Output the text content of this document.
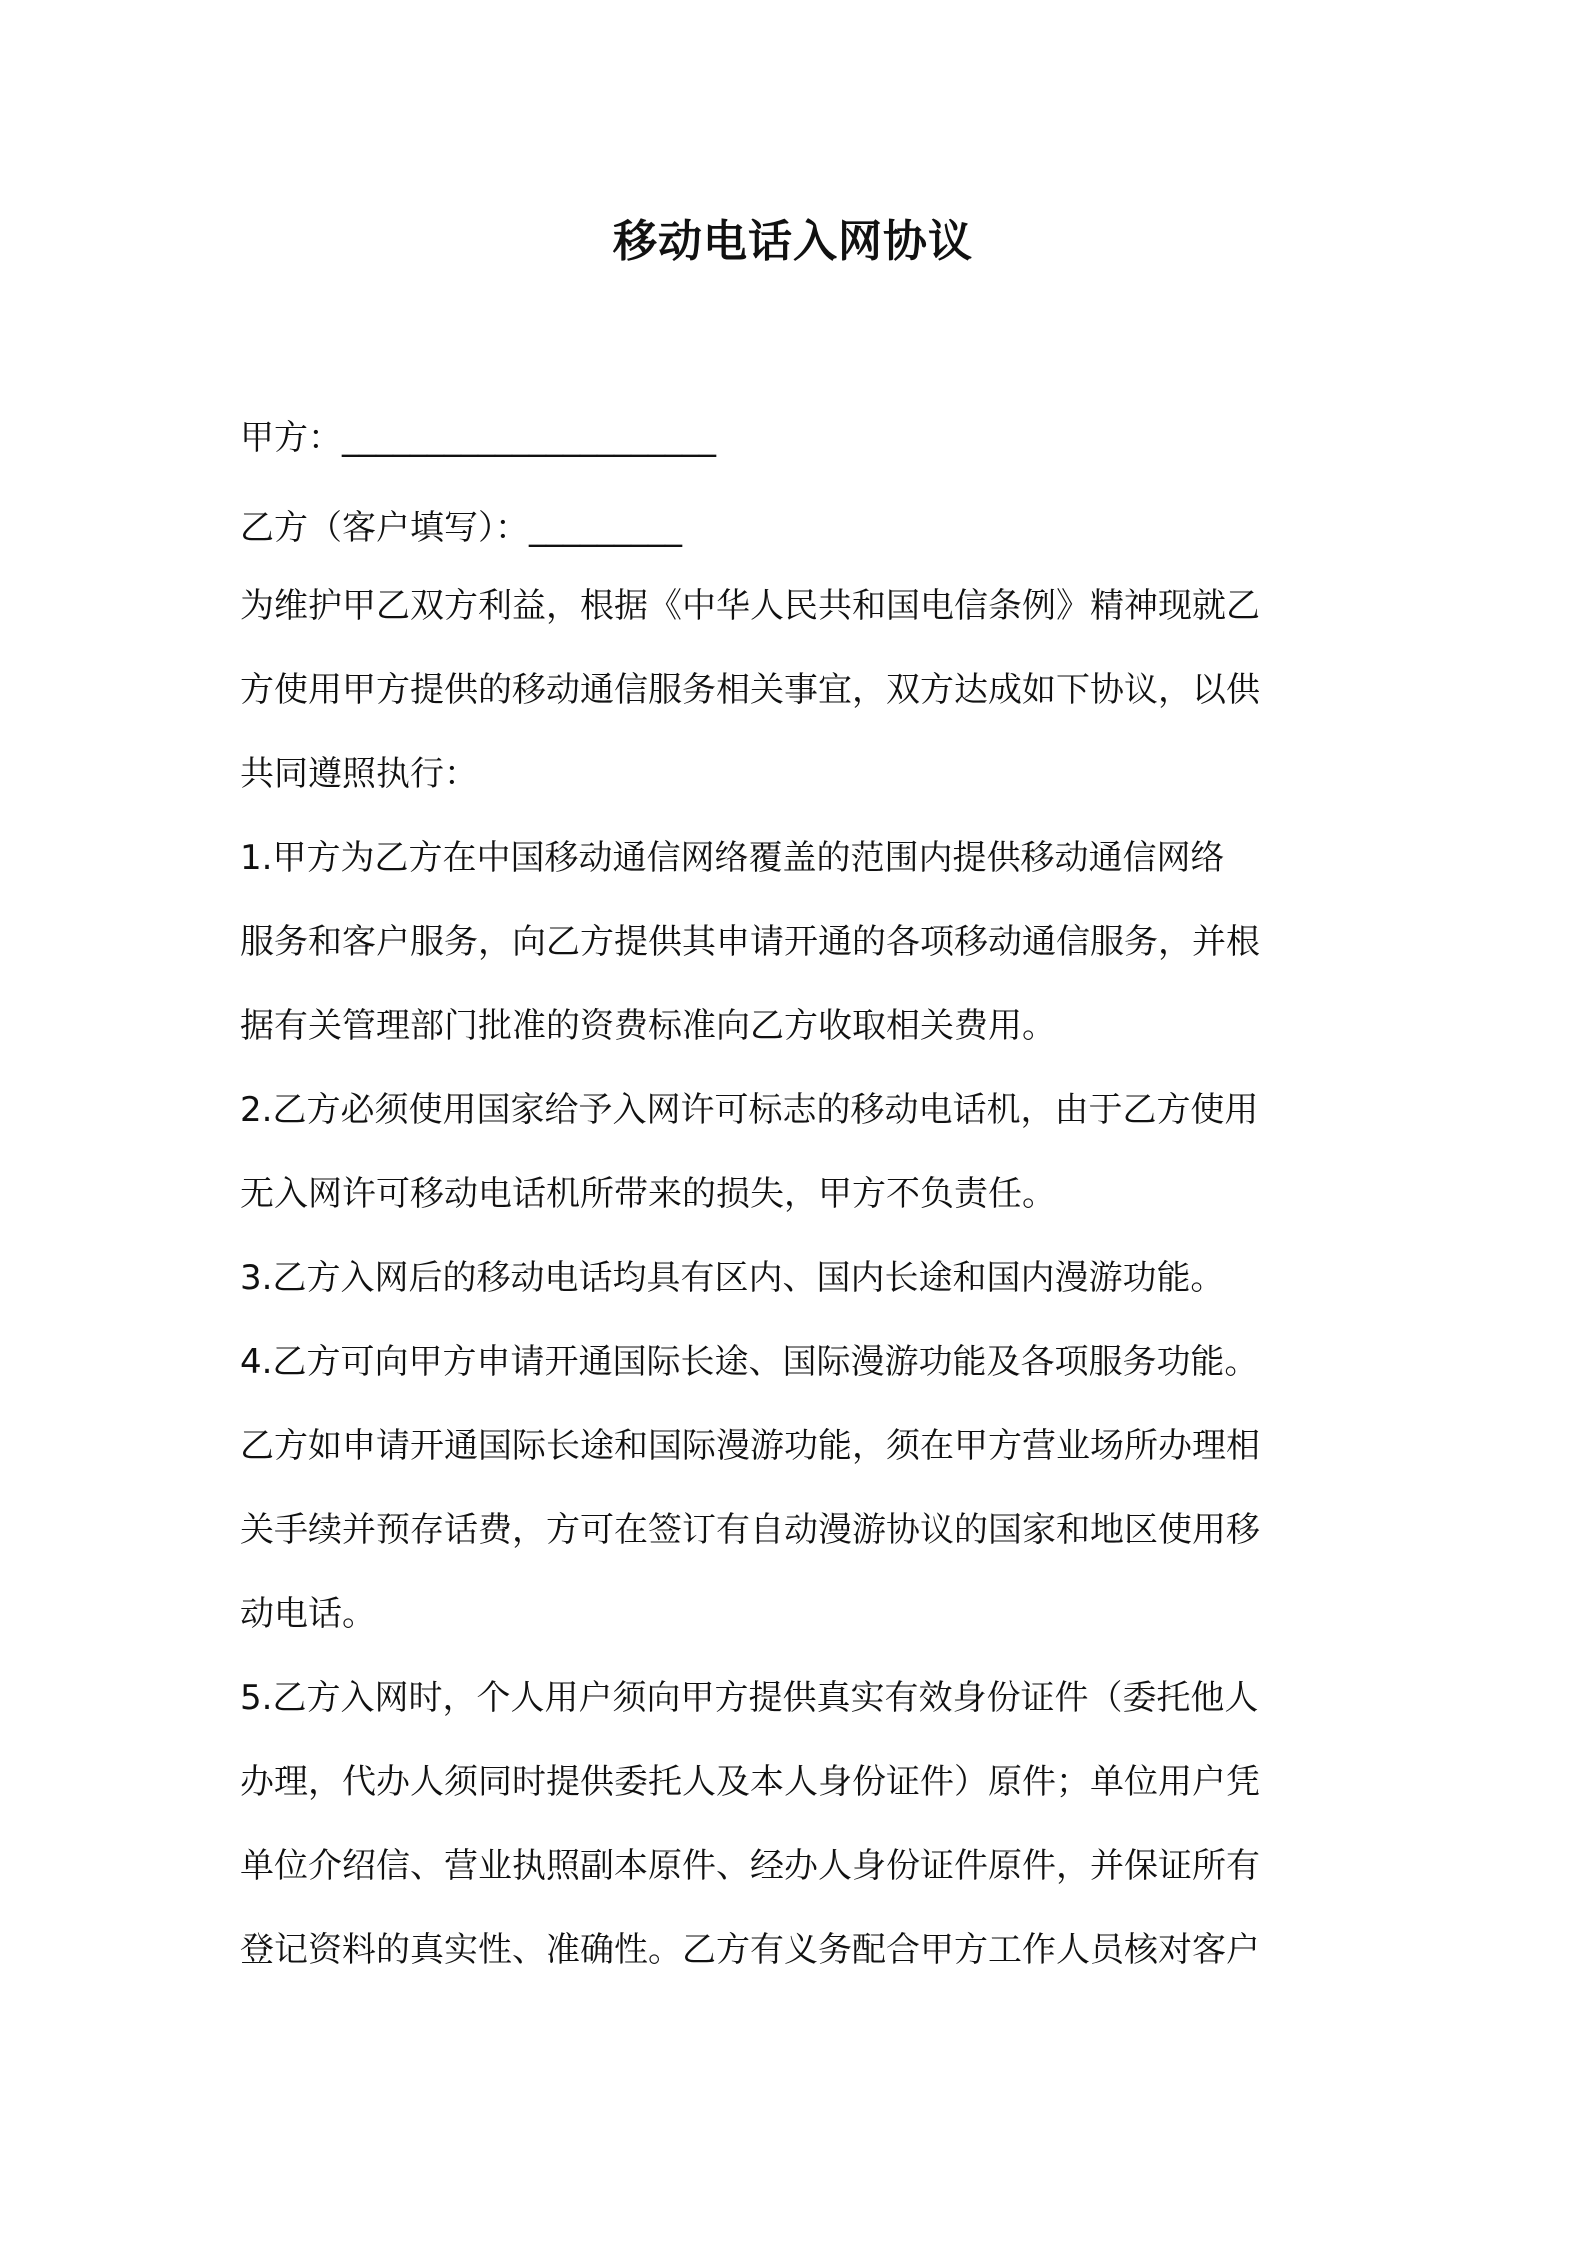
移动电话入网协议
甲方：______________________
乙方（客户填写）：_________
为维护甲乙双方利益，根据《中华人民共和国电信条例》精神现就乙
方使用甲方提供的移动通信服务相关事宜，双方达成如下协议，以供
共同遵照执行：
1.甲方为乙方在中国移动通信网络覆盖的范围内提供移动通信网络
服务和客户服务，向乙方提供其申请开通的各项移动通信服务，并根
据有关管理部门批准的资费标准向乙方收取相关费用。
2.乙方必须使用国家给予入网许可标志的移动电话机，由于乙方使用
无入网许可移动电话机所带来的损失，甲方不负责任。
3.乙方入网后的移动电话均具有区内、国内长途和国内漫游功能。
4.乙方可向甲方申请开通国际长途、国际漫游功能及各项服务功能。
乙方如申请开通国际长途和国际漫游功能，须在甲方营业场所办理相
关手续并预存话费，方可在签订有自动漫游协议的国家和地区使用移
动电话。
5.乙方入网时，个人用户须向甲方提供真实有效身份证件（委托他人
办理，代办人须同时提供委托人及本人身份证件）原件；单位用户凭
单位介绍信、营业执照副本原件、经办人身份证件原件，并保证所有
登记资料的真实性、准确性。乙方有义务配合甲方工作人员核对客户
